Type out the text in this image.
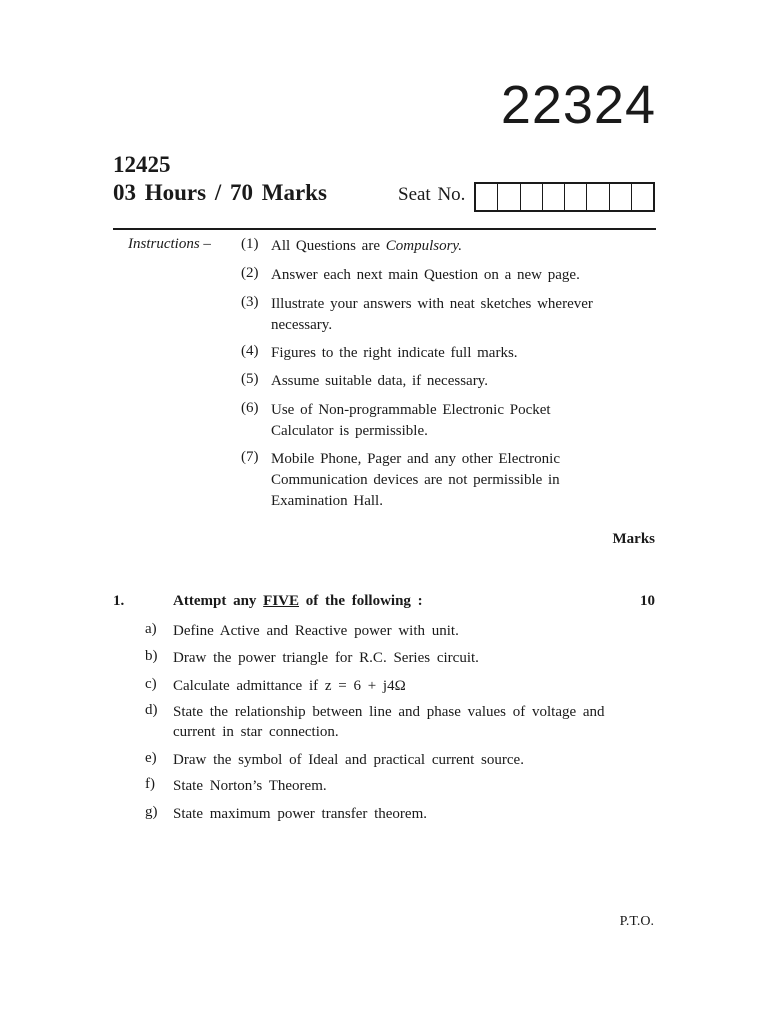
22324
12425
03 Hours / 70 Marks	Seat No.
Instructions – (1) All Questions are Compulsory.
(2) Answer each next main Question on a new page.
(3) Illustrate your answers with neat sketches wherever necessary.
(4) Figures to the right indicate full marks.
(5) Assume suitable data, if necessary.
(6) Use of Non-programmable Electronic Pocket Calculator is permissible.
(7) Mobile Phone, Pager and any other Electronic Communication devices are not permissible in Examination Hall.
Marks
1.	Attempt any FIVE of the following :	10
a) Define Active and Reactive power with unit.
b) Draw the power triangle for R.C. Series circuit.
c) Calculate admittance if z = 6 + j4Ω
d) State the relationship between line and phase values of voltage and current in star connection.
e) Draw the symbol of Ideal and practical current source.
f) State Norton’s Theorem.
g) State maximum power transfer theorem.
P.T.O.
